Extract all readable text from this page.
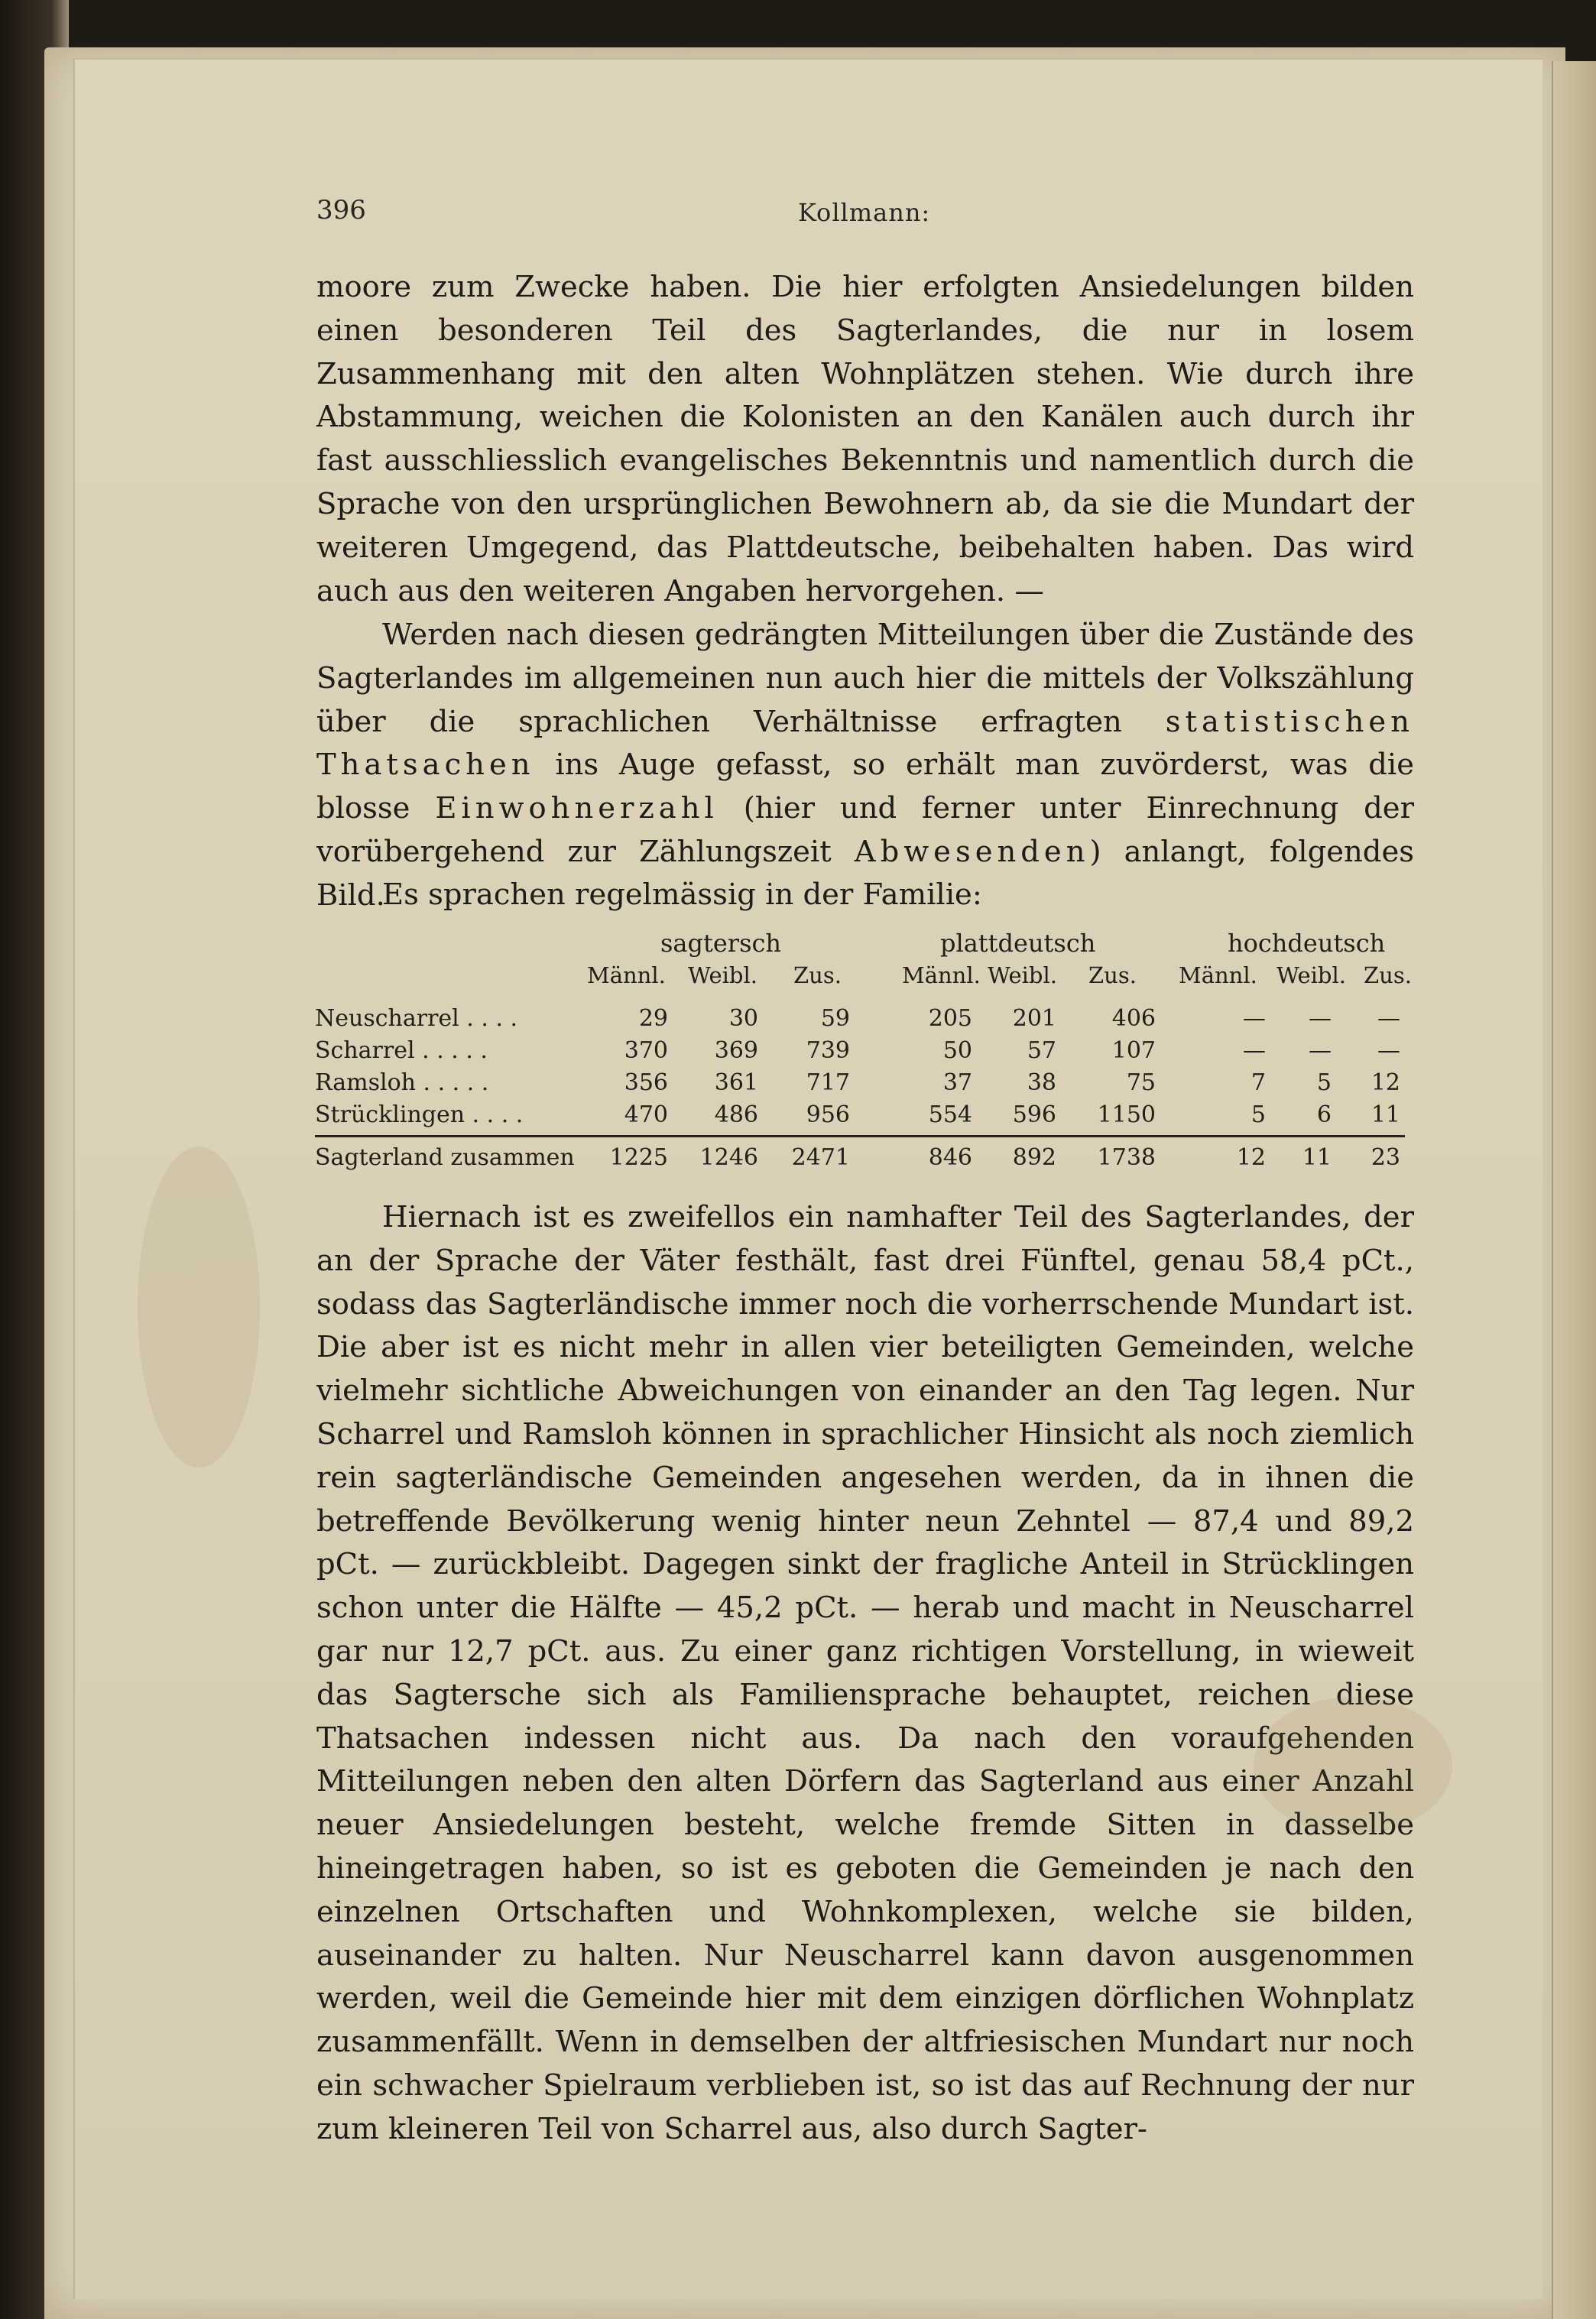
396	Kollmann:

moore zum Zwecke haben. Die hier erfolgten Ansiedelungen bilden einen besonderen Teil des Sagterlandes, die nur in losem Zusammenhang mit den alten Wohnplätzen stehen. Wie durch ihre Abstammung, weichen die Kolonisten an den Kanälen auch durch ihr fast ausschliesslich evangelisches Bekenntnis und namentlich durch die Sprache von den ursprünglichen Bewohnern ab, da sie die Mundart der weiteren Umgegend, das Plattdeutsche, beibehalten haben. Das wird auch aus den weiteren Angaben hervorgehen. —

Werden nach diesen gedrängten Mitteilungen über die Zustände des Sagterlandes im allgemeinen nun auch hier die mittels der Volkszählung über die sprachlichen Verhältnisse erfragten statistischen Thatsachen ins Auge gefasst, so erhält man zuvörderst, was die blosse Einwohnerzahl (hier und ferner unter Einrechnung der vorübergehend zur Zählungszeit Abwesenden) anlangt, folgendes Bild.

Es sprachen regelmässig in der Familie:

sagtersch	plattdeutsch	hochdeutsch
Männl. Weibl. Zus.	Männl. Weibl. Zus. Männl. Weibl. Zus.
Neuscharrel . . . .	29	30	59	205	201	406	—	—	—
Scharrel . . . . .	370	369	739	50	57	107	—	—	—
Ramsloh . . . . .	356	361	717	37	38	75	7	5	12
Strücklingen . . . .	470	486	956	554	596	1150	5	6	11
Sagterland zusammen	1225	1246	2471	846	892	1738	12	11	23

Hiernach ist es zweifellos ein namhafter Teil des Sagterlandes, der an der Sprache der Väter festhält, fast drei Fünftel, genau 58,4 pCt., sodass das Sagterländische immer noch die vorherrschende Mundart ist. Die aber ist es nicht mehr in allen vier beteiligten Gemeinden, welche vielmehr sichtliche Abweichungen von einander an den Tag legen. Nur Scharrel und Ramsloh können in sprachlicher Hinsicht als noch ziemlich rein sagterländische Gemeinden angesehen werden, da in ihnen die betreffende Bevölkerung wenig hinter neun Zehntel — 87,4 und 89,2 pCt. — zurückbleibt. Dagegen sinkt der fragliche Anteil in Strücklingen schon unter die Hälfte — 45,2 pCt. — herab und macht in Neuscharrel gar nur 12,7 pCt. aus. Zu einer ganz richtigen Vorstellung, in wieweit das Sagtersche sich als Familiensprache behauptet, reichen diese Thatsachen indessen nicht aus. Da nach den voraufgehenden Mitteilungen neben den alten Dörfern das Sagterland aus einer Anzahl neuer Ansiedelungen besteht, welche fremde Sitten in dasselbe hineingetragen haben, so ist es geboten die Gemeinden je nach den einzelnen Ortschaften und Wohnkomplexen, welche sie bilden, auseinander zu halten. Nur Neuscharrel kann davon ausgenommen werden, weil die Gemeinde hier mit dem einzigen dörflichen Wohnplatz zusammenfällt. Wenn in demselben der altfriesischen Mundart nur noch ein schwacher Spielraum verblieben ist, so ist das auf Rechnung der nur zum kleineren Teil von Scharrel aus, also durch Sagter-
